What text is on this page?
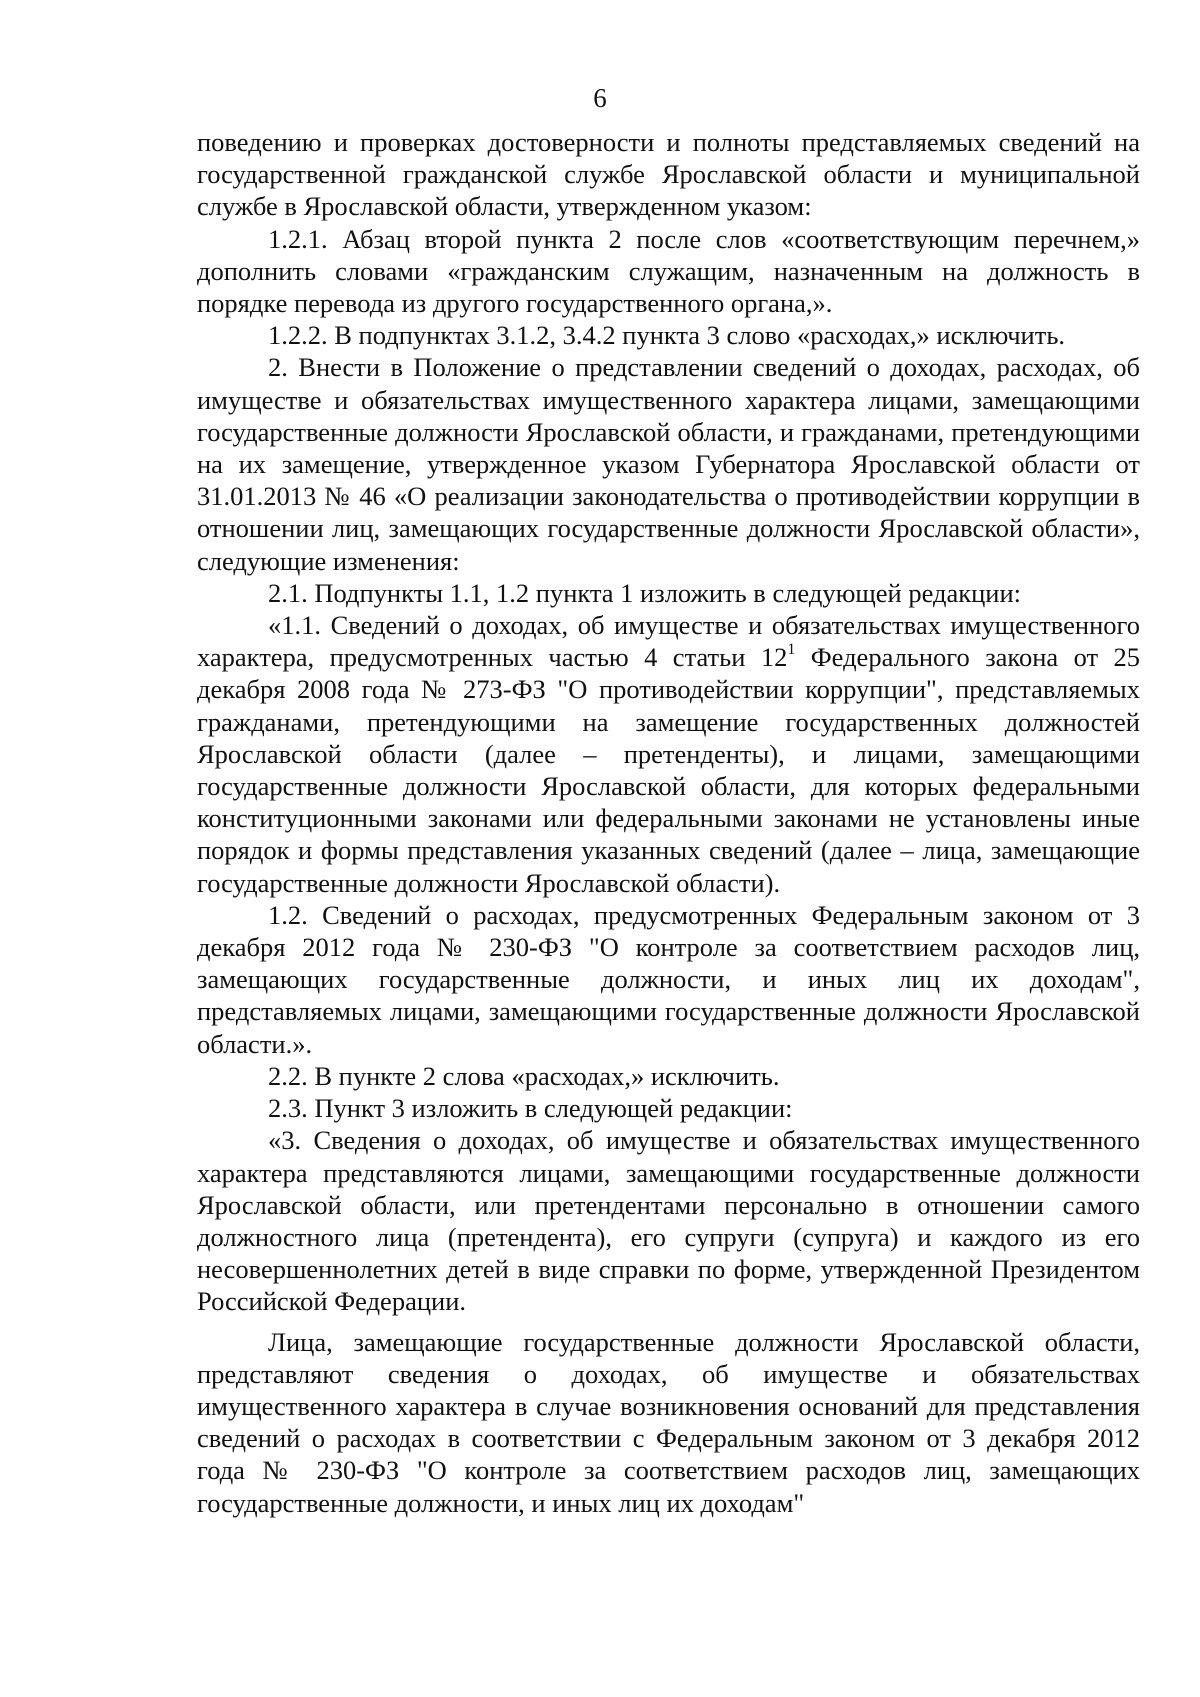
6

поведению и проверках достоверности и полноты представляемых сведений на государственной гражданской службе Ярославской области и муниципальной службе в Ярославской области, утвержденном указом:

1.2.1. Абзац второй пункта 2 после слов «соответствующим перечнем,» дополнить словами «гражданским служащим, назначенным на должность в порядке перевода из другого государственного органа,».

1.2.2. В подпунктах 3.1.2, 3.4.2 пункта 3 слово «расходах,» исключить.

2. Внести в Положение о представлении сведений о доходах, расходах, об имуществе и обязательствах имущественного характера лицами, замещающими государственные должности Ярославской области, и гражданами, претендующими на их замещение, утвержденное указом Губернатора Ярославской области от 31.01.2013 № 46 «О реализации законодательства о противодействии коррупции в отношении лиц, замещающих государственные должности Ярославской области», следующие изменения:

2.1. Подпункты 1.1, 1.2 пункта 1 изложить в следующей редакции:

«1.1. Сведений о доходах, об имуществе и обязательствах имущественного характера, предусмотренных частью 4 статьи $12^1$ Федерального закона от 25 декабря 2008 года № 273-ФЗ "О противодействии коррупции", представляемых гражданами, претендующими на замещение государственных должностей Ярославской области (далее – претенденты), и лицами, замещающими государственные должности Ярославской области, для которых федеральными конституционными законами или федеральными законами не установлены иные порядок и формы представления указанных сведений (далее – лица, замещающие государственные должности Ярославской области).

1.2. Сведений о расходах, предусмотренных Федеральным законом от 3 декабря 2012 года № 230-ФЗ "О контроле за соответствием расходов лиц, замещающих государственные должности, и иных лиц их доходам", представляемых лицами, замещающими государственные должности Ярославской области.».

2.2. В пункте 2 слова «расходах,» исключить.

2.3. Пункт 3 изложить в следующей редакции:

«3. Сведения о доходах, об имуществе и обязательствах имущественного характера представляются лицами, замещающими государственные должности Ярославской области, или претендентами персонально в отношении самого должностного лица (претендента), его супруги (супруга) и каждого из его несовершеннолетних детей в виде справки по форме, утвержденной Президентом Российской Федерации.

Лица, замещающие государственные должности Ярославской области, представляют сведения о доходах, об имуществе и обязательствах имущественного характера в случае возникновения оснований для представления сведений о расходах в соответствии с Федеральным законом от 3 декабря 2012 года № 230-ФЗ "О контроле за соответствием расходов лиц, замещающих государственные должности, и иных лиц их доходам"
